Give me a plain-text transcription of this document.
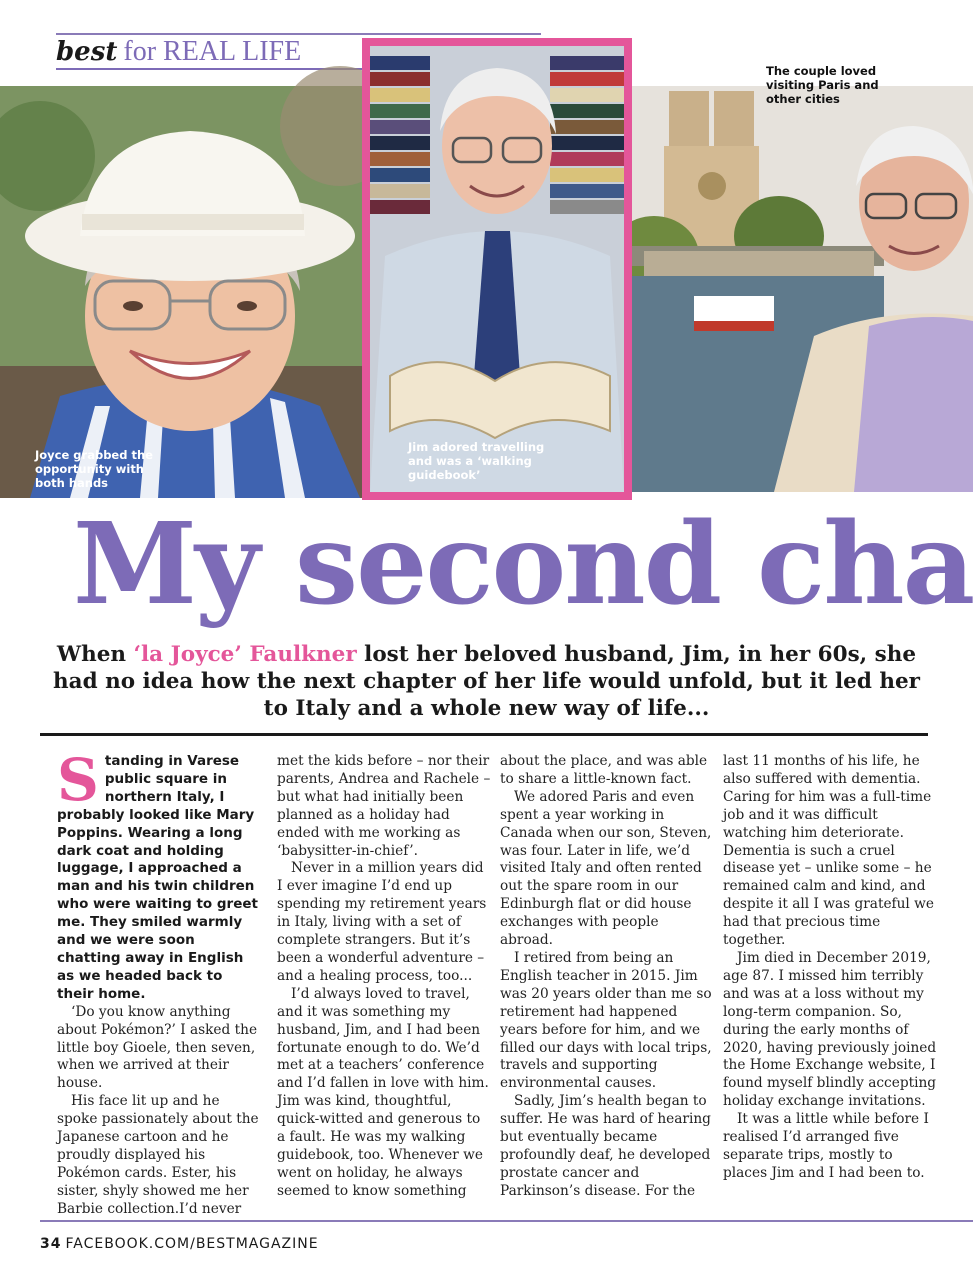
best for REAL LIFE
Joyce grabbed the opportunity with both hands
The couple loved visiting Paris and other cities
Jim adored travelling and was a ‘walking guidebook’
My second cha
When ‘la Joyce’ Faulkner lost her beloved husband, Jim, in her 60s, she had no idea how the next chapter of her life would unfold, but it led her to Italy and a whole new way of life...

Standing in Varese public square in northern Italy, I probably looked like Mary Poppins. Wearing a long dark coat and holding luggage, I approached a man and his twin children who were waiting to greet me. They smiled warmly and we were soon chatting away in English as we headed back to their home.

‘Do you know anything about Pokémon?’ I asked the little boy Gioele, then seven, when we arrived at their house.

His face lit up and he spoke passionately about the Japanese cartoon and he proudly displayed his Pokémon cards. Ester, his sister, shyly showed me her Barbie collection.I’d never

met the kids before – nor their parents, Andrea and Rachele – but what had initially been planned as a holiday had ended with me working as ‘babysitter-in-chief’.

Never in a million years did I ever imagine I’d end up spending my retirement years in Italy, living with a set of complete strangers. But it’s been a wonderful adventure – and a healing process, too...

I’d always loved to travel, and it was something my husband, Jim, and I had been fortunate enough to do. We’d met at a teachers’ conference and I’d fallen in love with him. Jim was kind, thoughtful, quick-witted and generous to a fault. He was my walking guidebook, too. Whenever we went on holiday, he always seemed to know something

about the place, and was able to share a little-known fact.

We adored Paris and even spent a year working in Canada when our son, Steven, was four. Later in life, we’d visited Italy and often rented out the spare room in our Edinburgh flat or did house exchanges with people abroad.

I retired from being an English teacher in 2015. Jim was 20 years older than me so retirement had happened years before for him, and we filled our days with local trips, travels and supporting environmental causes.

Sadly, Jim’s health began to suffer. He was hard of hearing but eventually became profoundly deaf, he developed prostate cancer and Parkinson’s disease. For the

last 11 months of his life, he also suffered with dementia. Caring for him was a full-time job and it was difficult watching him deteriorate. Dementia is such a cruel disease yet – unlike some – he remained calm and kind, and despite it all I was grateful we had that precious time together.

Jim died in December 2019, age 87. I missed him terribly and was at a loss without my long-term companion. So, during the early months of 2020, having previously joined the Home Exchange website, I found myself blindly accepting holiday exchange invitations.

It was a little while before I realised I’d arranged five separate trips, mostly to places Jim and I had been to.

34 FACEBOOK.COM/BESTMAGAZINE
